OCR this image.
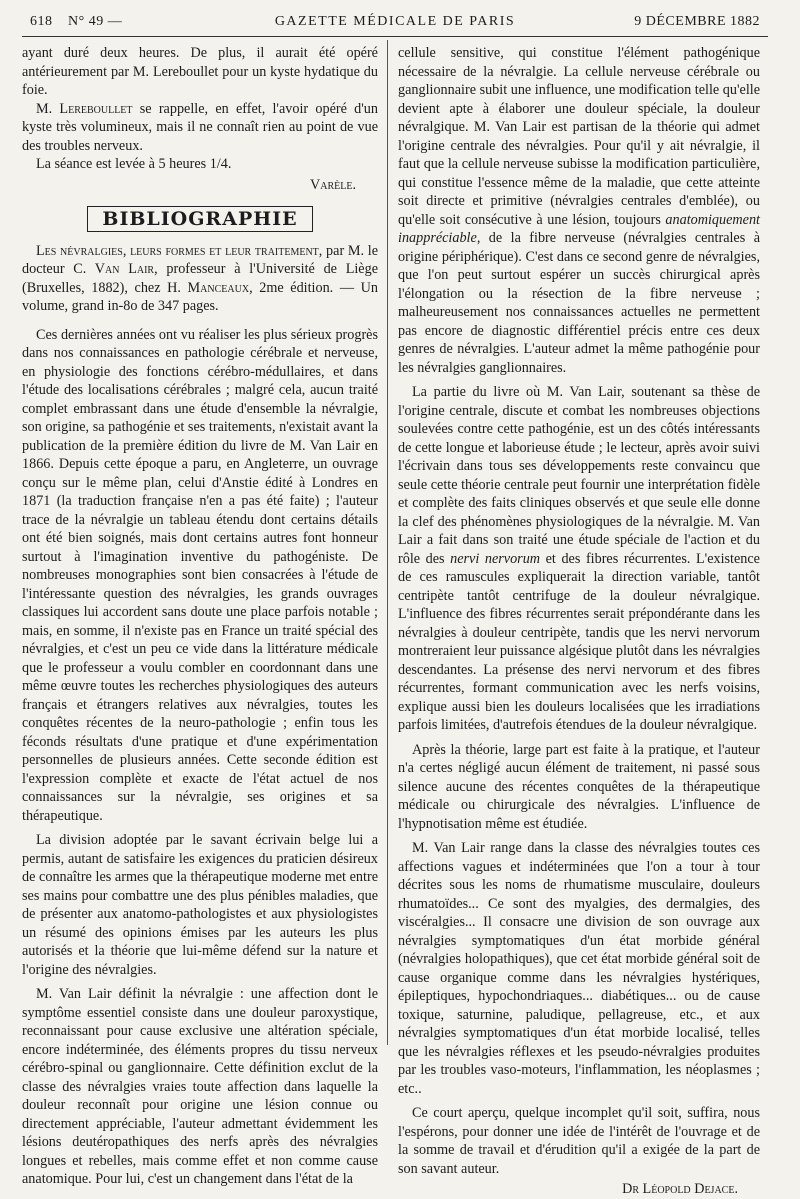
618 N° 49 —	GAZETTE MÉDICALE DE PARIS	9 DÉCEMBRE 1882

ayant duré deux heures. De plus, il aurait été opéré antérieurement par M. Lereboullet pour un kyste hydatique du foie.

M. Lereboullet se rappelle, en effet, l'avoir opéré d'un kyste très volumineux, mais il ne connaît rien au point de vue des troubles nerveux.

La séance est levée à 5 heures 1/4.

Varèle.

BIBLIOGRAPHIE

Les névralgies, leurs formes et leur traitement, par M. le docteur C. Van Lair, professeur à l'Université de Liège (Bruxelles, 1882), chez H. Manceaux, 2me édition. — Un volume, grand in-8o de 347 pages.

Ces dernières années ont vu réaliser les plus sérieux progrès dans nos connaissances en pathologie cérébrale et nerveuse, en physiologie des fonctions cérébro-médullaires, et dans l'étude des localisations cérébrales ; malgré cela, aucun traité complet embrassant dans une étude d'ensemble la névralgie, son origine, sa pathogénie et ses traitements, n'existait avant la publication de la première édition du livre de M. Van Lair en 1866. Depuis cette époque a paru, en Angleterre, un ouvrage conçu sur le même plan, celui d'Anstie édité à Londres en 1871 (la traduction française n'en a pas été faite) ; l'auteur trace de la névralgie un tableau étendu dont certains détails ont été bien soignés, mais dont certains autres font honneur surtout à l'imagination inventive du pathogéniste. De nombreuses monographies sont bien consacrées à l'étude de l'intéressante question des névralgies, les grands ouvrages classiques lui accordent sans doute une place parfois notable ; mais, en somme, il n'existe pas en France un traité spécial des névralgies, et c'est un peu ce vide dans la littérature médicale que le professeur a voulu combler en coordonnant dans une même œuvre toutes les recherches physiologiques des auteurs français et étrangers relatives aux névralgies, toutes les conquêtes récentes de la neuro-pathologie ; enfin tous les féconds résultats d'une pratique et d'une expérimentation personnelles de plusieurs années. Cette seconde édition est l'expression complète et exacte de l'état actuel de nos connaissances sur la névralgie, ses origines et sa thérapeutique.

La division adoptée par le savant écrivain belge lui a permis, autant de satisfaire les exigences du praticien désireux de connaître les armes que la thérapeutique moderne met entre ses mains pour combattre une des plus pénibles maladies, que de présenter aux anatomo-pathologistes et aux physiologistes un résumé des opinions émises par les auteurs les plus autorisés et la théorie que lui-même défend sur la nature et l'origine des névralgies.

M. Van Lair définit la névralgie : une affection dont le symptôme essentiel consiste dans une douleur paroxystique, reconnaissant pour cause exclusive une altération spéciale, encore indéterminée, des éléments propres du tissu nerveux cérébro-spinal ou ganglionnaire. Cette définition exclut de la classe des névralgies vraies toute affection dans laquelle la douleur reconnaît pour origine une lésion connue ou directement appréciable, l'auteur admettant évidemment les lésions deutéropathiques des nerfs après des névralgies longues et rebelles, mais comme effet et non comme cause anatomique. Pour lui, c'est un changement dans l'état de la

cellule sensitive, qui constitue l'élément pathogénique nécessaire de la névralgie. La cellule nerveuse cérébrale ou ganglionnaire subit une influence, une modification telle qu'elle devient apte à élaborer une douleur spéciale, la douleur névralgique. M. Van Lair est partisan de la théorie qui admet l'origine centrale des névralgies. Pour qu'il y ait névralgie, il faut que la cellule nerveuse subisse la modification particulière, qui constitue l'essence même de la maladie, que cette atteinte soit directe et primitive (névralgies centrales d'emblée), ou qu'elle soit consécutive à une lésion, toujours anatomiquement inappréciable, de la fibre nerveuse (névralgies centrales à origine périphérique). C'est dans ce second genre de névralgies, que l'on peut surtout espérer un succès chirurgical après l'élongation ou la résection de la fibre nerveuse ; malheureusement nos connaissances actuelles ne permettent pas encore de diagnostic différentiel précis entre ces deux genres de névralgies. L'auteur admet la même pathogénie pour les névralgies ganglionnaires.

La partie du livre où M. Van Lair, soutenant sa thèse de l'origine centrale, discute et combat les nombreuses objections soulevées contre cette pathogénie, est un des côtés intéressants de cette longue et laborieuse étude ; le lecteur, après avoir suivi l'écrivain dans tous ses développements reste convaincu que seule cette théorie centrale peut fournir une interprétation fidèle et complète des faits cliniques observés et que seule elle donne la clef des phénomènes physiologiques de la névralgie. M. Van Lair a fait dans son traité une étude spéciale de l'action et du rôle des nervi nervorum et des fibres récurrentes. L'existence de ces ramuscules expliquerait la direction variable, tantôt centripète tantôt centrifuge de la douleur névralgique. L'influence des fibres récurrentes serait prépondérante dans les névralgies à douleur centripète, tandis que les nervi nervorum montreraient leur puissance algésique plutôt dans les névralgies descendantes. La présense des nervi nervorum et des fibres récurrentes, formant communication avec les nerfs voisins, explique aussi bien les douleurs localisées que les irradiations parfois limitées, d'autrefois étendues de la douleur névralgique.

Après la théorie, large part est faite à la pratique, et l'auteur n'a certes négligé aucun élément de traitement, ni passé sous silence aucune des récentes conquêtes de la thérapeutique médicale ou chirurgicale des névralgies. L'influence de l'hypnotisation même est étudiée.

M. Van Lair range dans la classe des névralgies toutes ces affections vagues et indéterminées que l'on a tour à tour décrites sous les noms de rhumatisme musculaire, douleurs rhumatoïdes... Ce sont des myalgies, des dermalgies, des viscéralgies... Il consacre une division de son ouvrage aux névralgies symptomatiques d'un état morbide général (névralgies holopathiques), que cet état morbide général soit de cause organique comme dans les névralgies hystériques, épileptiques, hypochondriaques... diabétiques... ou de cause toxique, saturnine, paludique, pellagreuse, etc., et aux névralgies symptomatiques d'un état morbide localisé, telles que les névralgies réflexes et les pseudo-névralgies produites par les troubles vaso-moteurs, l'inflammation, les néoplasmes ; etc..

Ce court aperçu, quelque incomplet qu'il soit, suffira, nous l'espérons, pour donner une idée de l'intérêt de l'ouvrage et de la somme de travail et d'érudition qu'il a exigée de la part de son savant auteur.

Dr Léopold Dejace.
